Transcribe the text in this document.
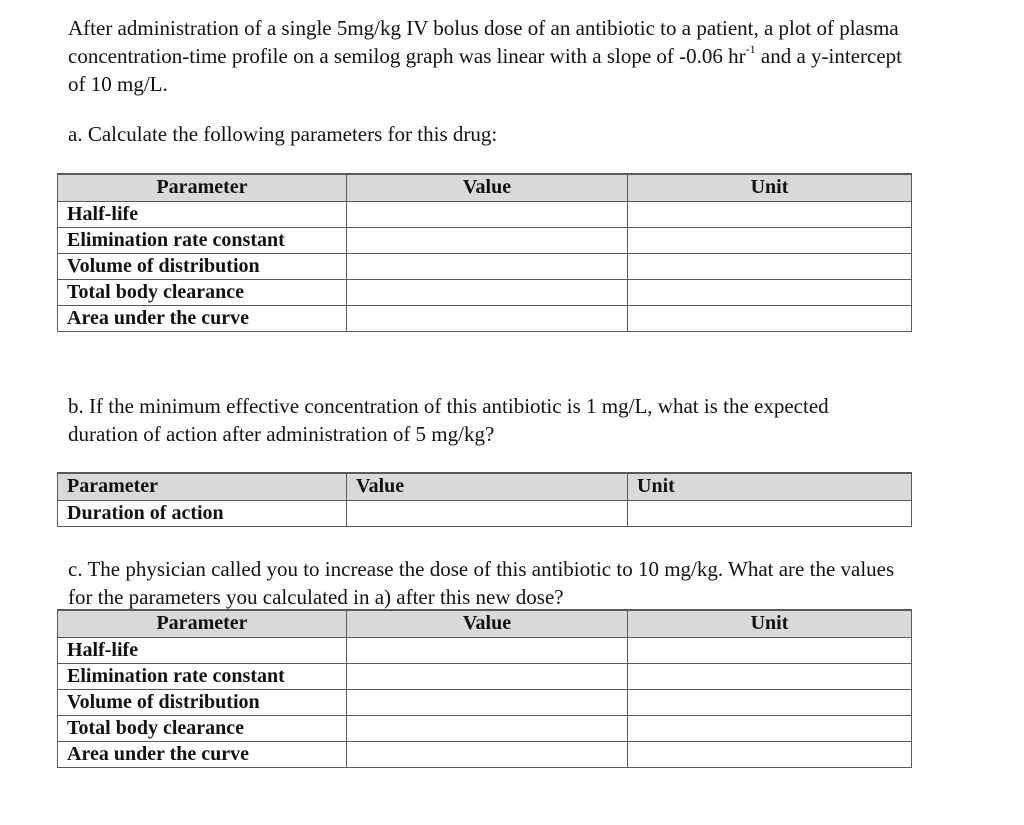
After administration of a single 5mg/kg IV bolus dose of an antibiotic to a patient, a plot of plasma concentration-time profile on a semilog graph was linear with a slope of -0.06 $hr^{-1}$ and a y-intercept of 10 mg/L.

a. Calculate the following parameters for this drug:

Parameter	Value	Unit
Half-life		
Elimination rate constant		
Volume of distribution		
Total body clearance		
Area under the curve		

b. If the minimum effective concentration of this antibiotic is 1 mg/L, what is the expected duration of action after administration of 5 mg/kg?

Parameter	Value	Unit
Duration of action		

c. The physician called you to increase the dose of this antibiotic to 10 mg/kg. What are the values for the parameters you calculated in a) after this new dose?

Parameter	Value	Unit
Half-life		
Elimination rate constant		
Volume of distribution		
Total body clearance		
Area under the curve		
